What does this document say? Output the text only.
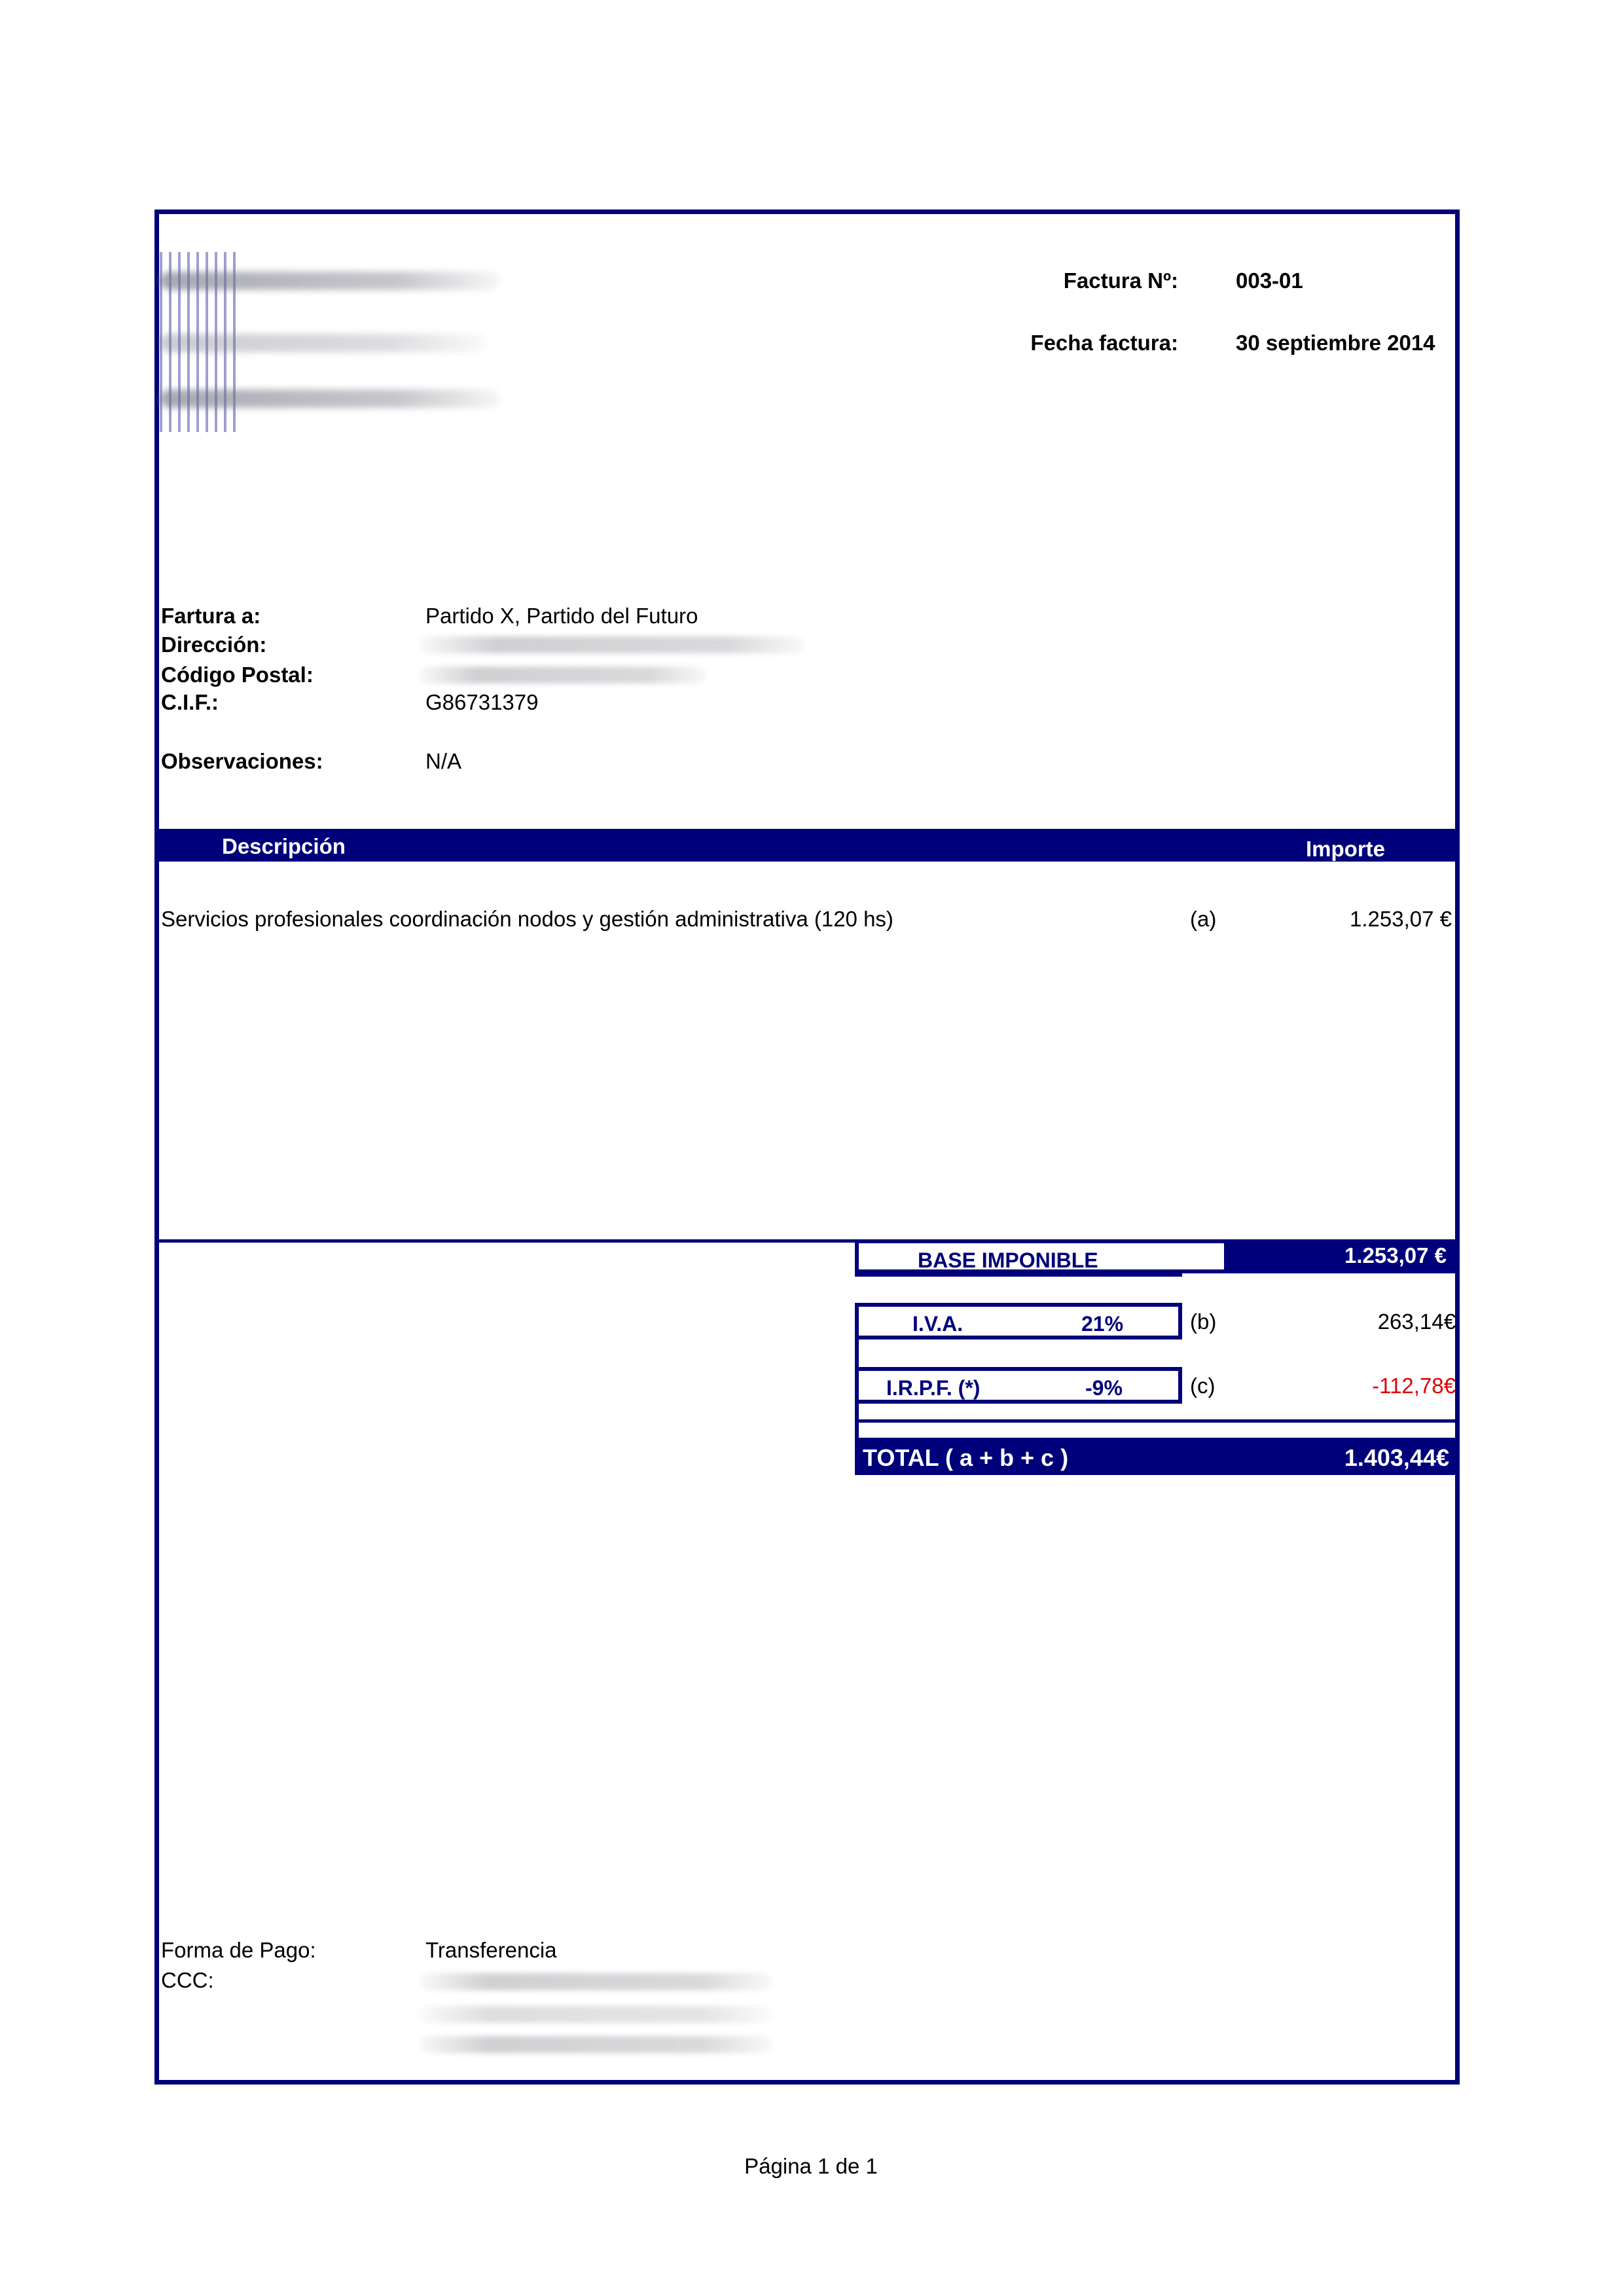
Factura Nº:	003-01
Fecha factura:	30 septiembre 2014
Fartura a:	Partido X, Partido del Futuro
Dirección:
Código Postal:
C.I.F.:	G86731379
Observaciones:	N/A
Descripción	Importe
Servicios profesionales coordinación nodos y gestión administrativa (120 hs)	(a)	1.253,07 €
BASE IMPONIBLE	1.253,07 €
I.V.A.	21%	(b)	263,14€
I.R.P.F. (*)	-9%	(c)	-112,78€
TOTAL ( a + b + c )	1.403,44€
Forma de Pago:	Transferencia
CCC:
Página 1 de 1
